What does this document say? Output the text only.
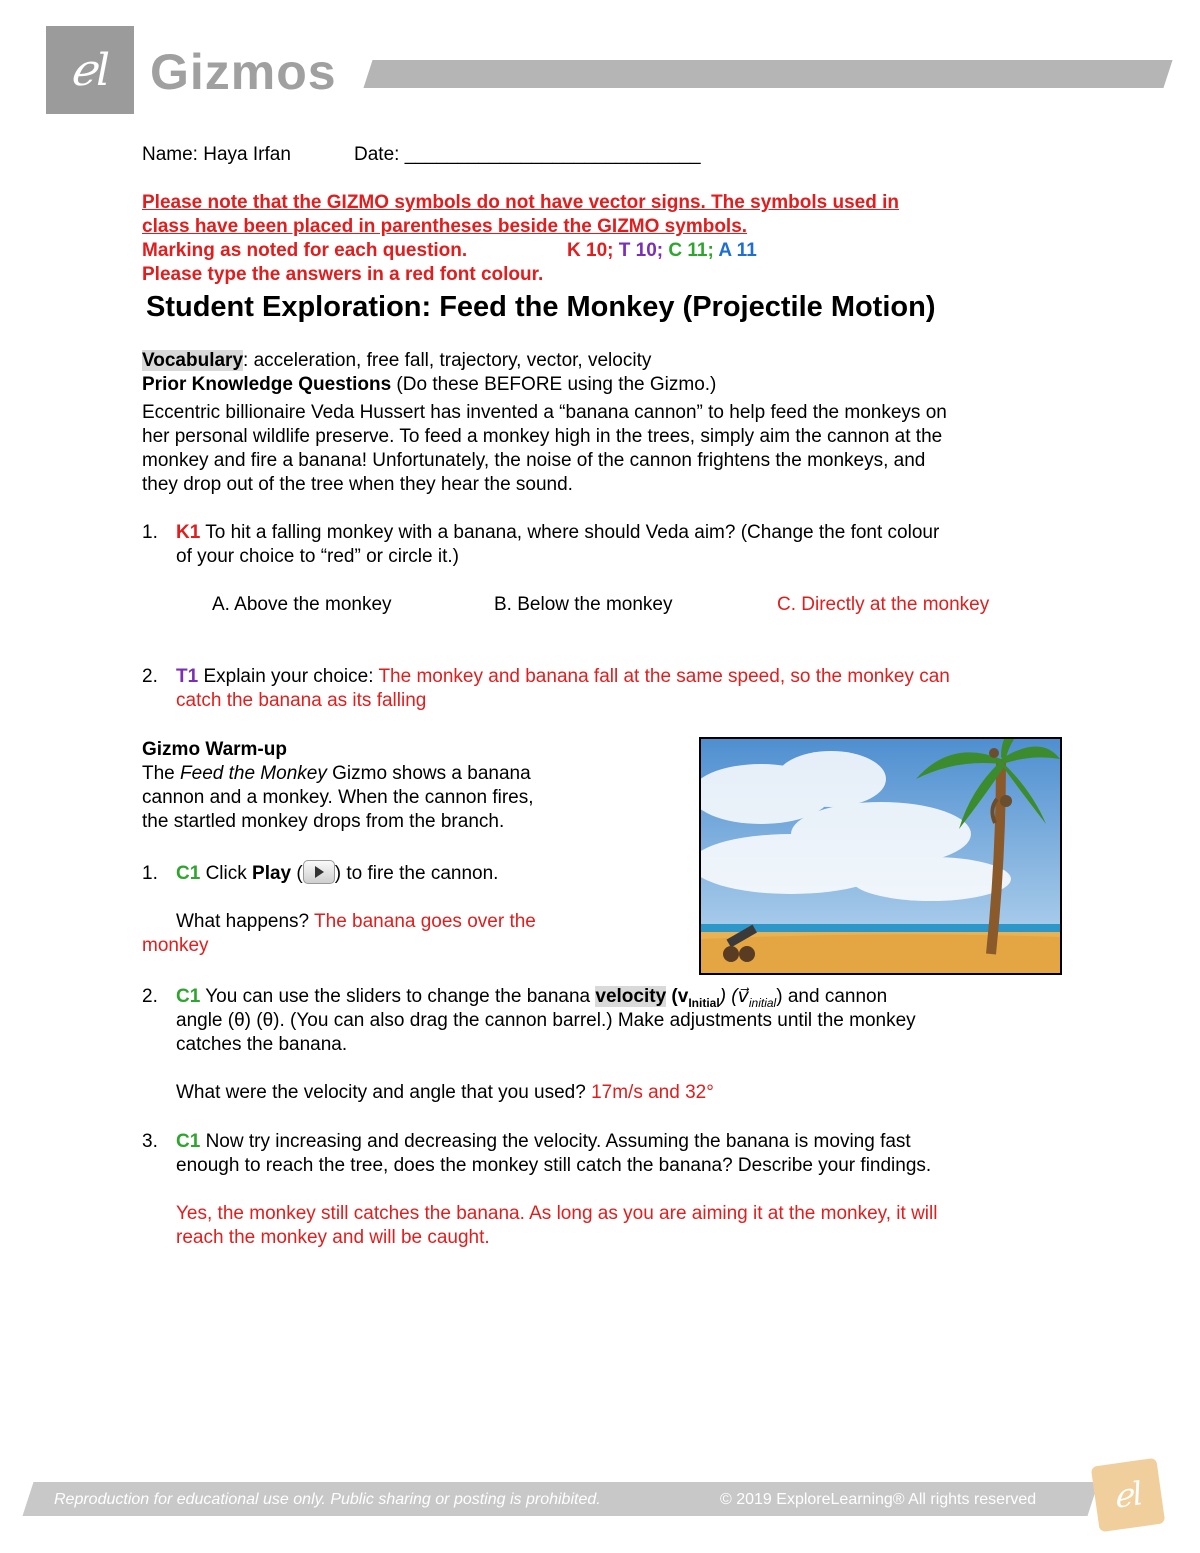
ℯl Gizmos
Name: Haya Irfan	Date: ____________________________
Please note that the GIZMO symbols do not have vector signs. The symbols used in
class have been placed in parentheses beside the GIZMO symbols.
Marking as noted for each question.	K 10; T 10; C 11; A 11
Please type the answers in a red font colour.
Student Exploration: Feed the Monkey (Projectile Motion)
Vocabulary: acceleration, free fall, trajectory, vector, velocity
Prior Knowledge Questions (Do these BEFORE using the Gizmo.)
Eccentric billionaire Veda Hussert has invented a “banana cannon” to help feed the monkeys on
her personal wildlife preserve. To feed a monkey high in the trees, simply aim the cannon at the
monkey and fire a banana! Unfortunately, the noise of the cannon frightens the monkeys, and
they drop out of the tree when they hear the sound.
1. K1 To hit a falling monkey with a banana, where should Veda aim? (Change the font colour
of your choice to “red” or circle it.)
A. Above the monkey	B. Below the monkey	C. Directly at the monkey
2. T1 Explain your choice: The monkey and banana fall at the same speed, so the monkey can
catch the banana as its falling
Gizmo Warm-up
The Feed the Monkey Gizmo shows a banana
cannon and a monkey. When the cannon fires,
the startled monkey drops from the branch.
1. C1 Click Play ( ) to fire the cannon.
What happens? The banana goes over the
monkey
2. C1 You can use the sliders to change the banana velocity $(v_{Initial})$ $(v⃗_{initial})$ and cannon
angle (θ) (θ). (You can also drag the cannon barrel.) Make adjustments until the monkey
catches the banana.
What were the velocity and angle that you used? 17m/s and 32°
3. C1 Now try increasing and decreasing the velocity. Assuming the banana is moving fast
enough to reach the tree, does the monkey still catch the banana? Describe your findings.
Yes, the monkey still catches the banana. As long as you are aiming it at the monkey, it will
reach the monkey and will be caught.
Reproduction for educational use only. Public sharing or posting is prohibited.	© 2019 ExploreLearning® All rights reserved	ℯl
